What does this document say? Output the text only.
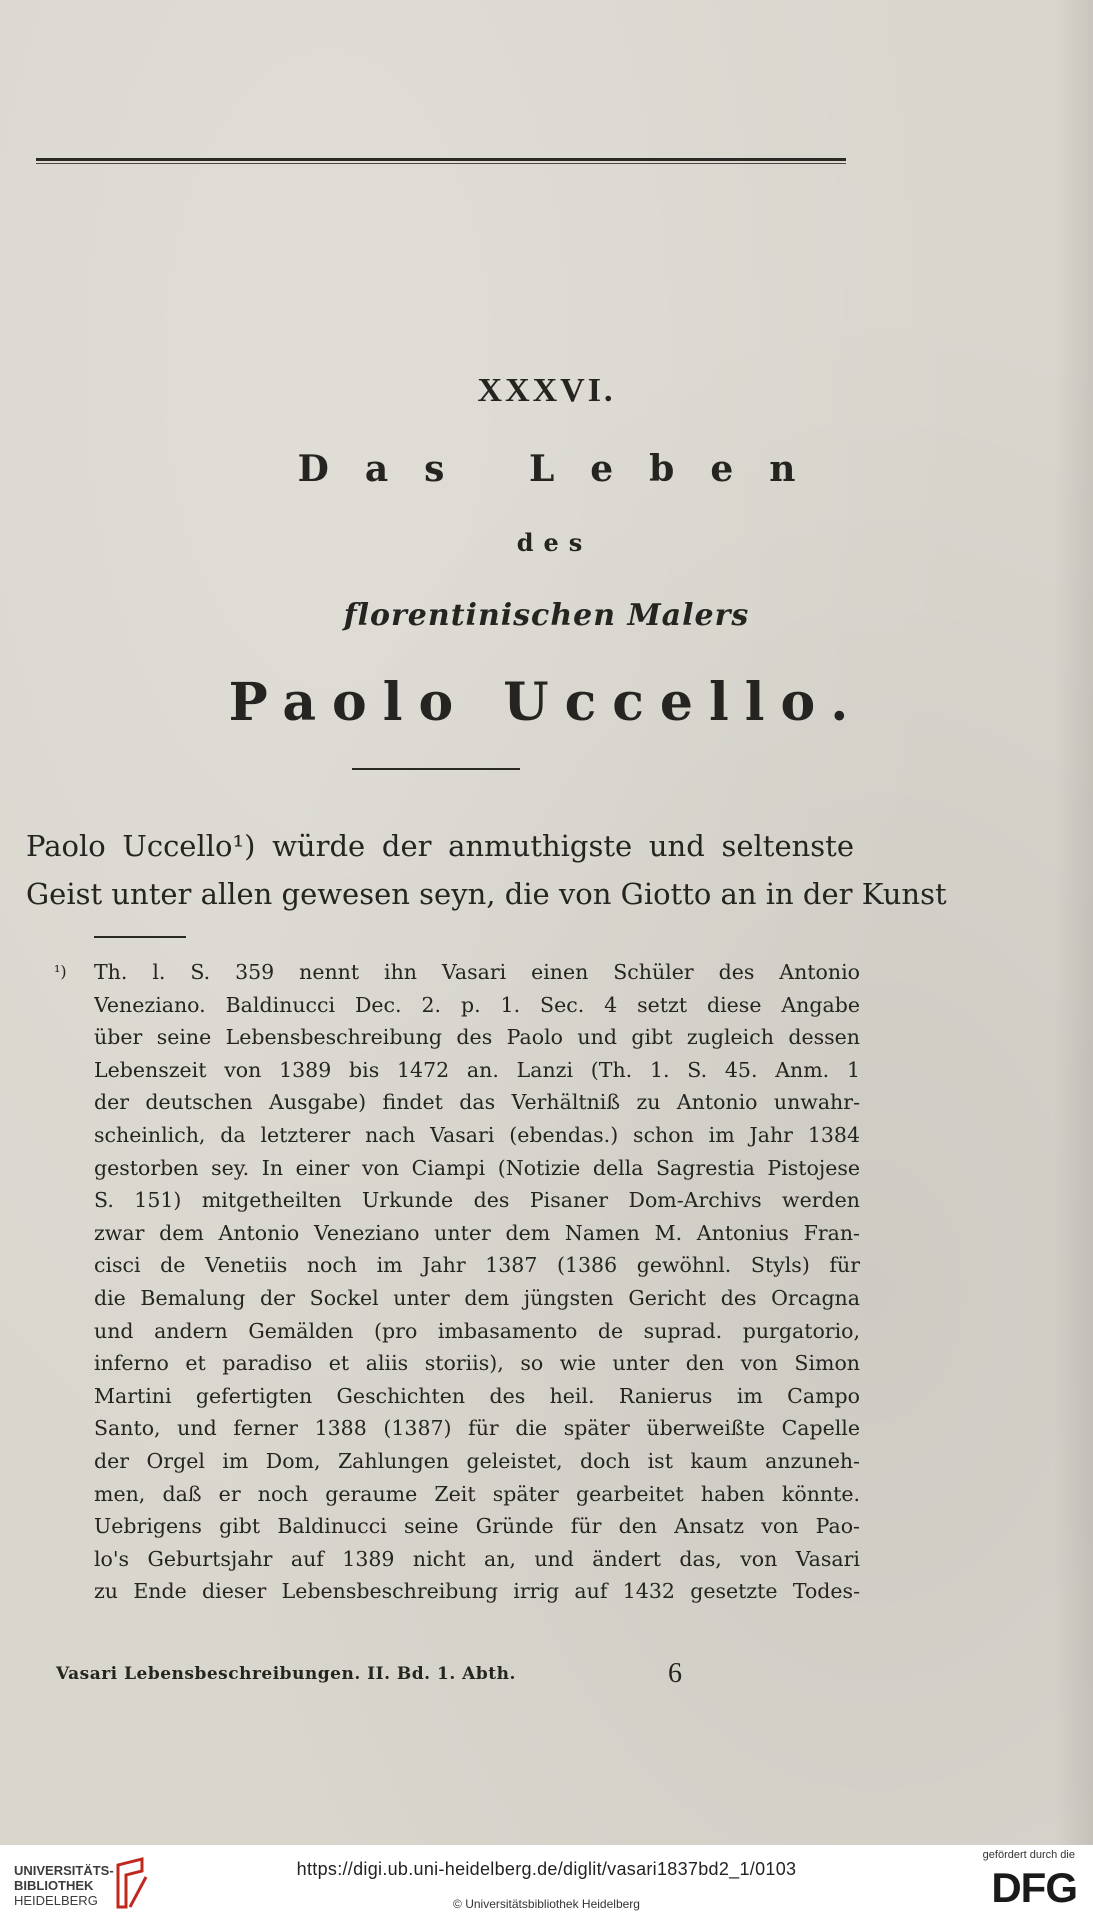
XXXVI.
Das Leben
des
florentinischen Malers
Paolo Uccello.
Paolo Uccello¹) würde der anmuthigste und seltenste
Geist unter allen gewesen seyn, die von Giotto an in der Kunst
¹) Th. l. S. 359 nennt ihn Vasari einen Schüler des Antonio
Veneziano. Baldinucci Dec. 2. p. 1. Sec. 4 setzt diese Angabe
über seine Lebensbeschreibung des Paolo und gibt zugleich dessen
Lebenszeit von 1389 bis 1472 an. Lanzi (Th. 1. S. 45. Anm. 1
der deutschen Ausgabe) findet das Verhältniß zu Antonio unwahr-
scheinlich, da letzterer nach Vasari (ebendas.) schon im Jahr 1384
gestorben sey. In einer von Ciampi (Notizie della Sagrestia Pistojese
S. 151) mitgetheilten Urkunde des Pisaner Dom-Archivs werden
zwar dem Antonio Veneziano unter dem Namen M. Antonius Fran-
cisci de Venetiis noch im Jahr 1387 (1386 gewöhnl. Styls) für
die Bemalung der Sockel unter dem jüngsten Gericht des Orcagna
und andern Gemälden (pro imbasamento de suprad. purgatorio,
inferno et paradiso et aliis storiis), so wie unter den von Simon
Martini gefertigten Geschichten des heil. Ranierus im Campo
Santo, und ferner 1388 (1387) für die später überweißte Capelle
der Orgel im Dom, Zahlungen geleistet, doch ist kaum anzuneh-
men, daß er noch geraume Zeit später gearbeitet haben könnte.
Uebrigens gibt Baldinucci seine Gründe für den Ansatz von Pao-
lo's Geburtsjahr auf 1389 nicht an, und ändert das, von Vasari
zu Ende dieser Lebensbeschreibung irrig auf 1432 gesetzte Todes-
Vasari Lebensbeschreibungen. II. Bd. 1. Abth.	6
UNIVERSITÄTS-
BIBLIOTHEK
HEIDELBERG
https://digi.ub.uni-heidelberg.de/diglit/vasari1837bd2_1/0103
© Universitätsbibliothek Heidelberg
gefördert durch die
DFG
